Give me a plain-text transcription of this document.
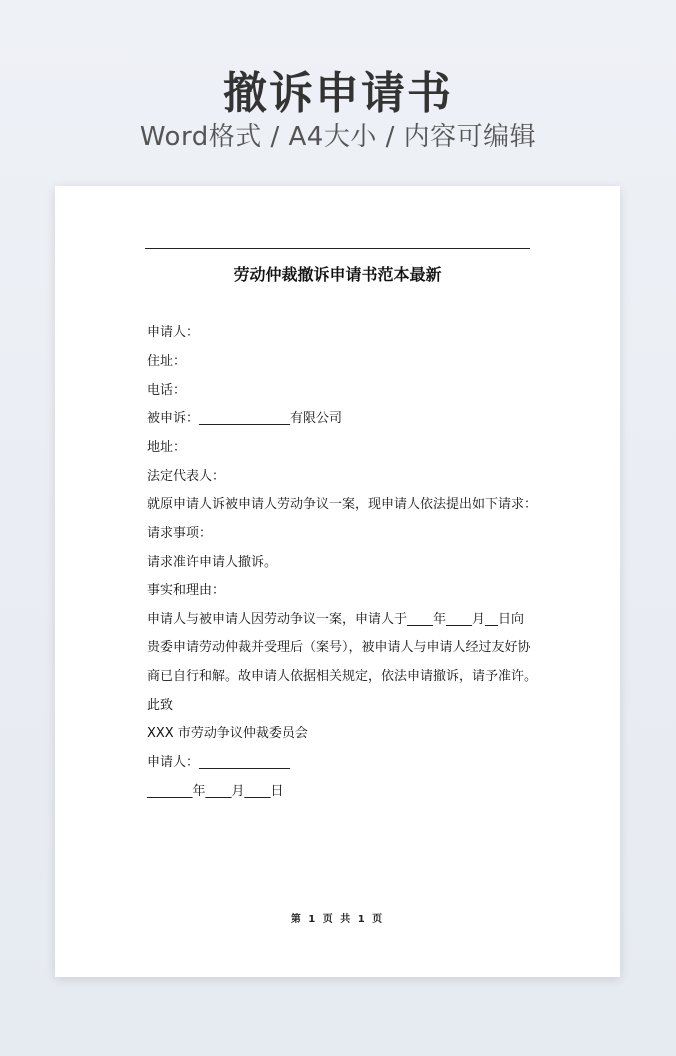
撤诉申请书
Word格式 / A4大小 / 内容可编辑
劳动仲裁撤诉申请书范本最新
申请人：
住址：
电话：
被申诉：______________有限公司
地址：
法定代表人：
就原申请人诉被申请人劳动争议一案，现申请人依法提出如下请求：
请求事项：
请求准许申请人撤诉。
事实和理由：
申请人与被申请人因劳动争议一案，申请人于____年____月__日向
贵委申请劳动仲裁并受理后（案号），被申请人与申请人经过友好协
商已自行和解。故申请人依据相关规定，依法申请撤诉，请予准许。
此致
XXX 市劳动争议仲裁委员会
申请人：______________
_______年____月____日
第 1 页 共 1 页
